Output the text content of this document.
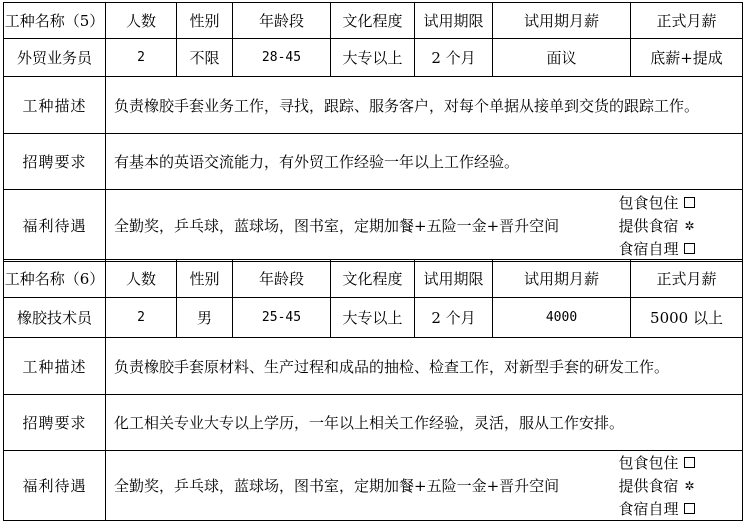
工种名称（5）	人数	性别	年龄段	文化程度	试用期限	试用期月薪		正式月薪
外贸业务员	2	不限	28-45	大专以上	2 个月	面议		底薪+提成
工种描述	负责橡胶手套业务工作，寻找，跟踪、服务客户，对每个单据从接单到交货的跟踪工作。							
招聘要求	有基本的英语交流能力，有外贸工作经验一年以上工作经验。							
福利待遇	全勤奖，乒乓球，蓝球场，图书室，定期加餐+五险一金+晋升空间						包食包住
提供食宿 ✲
食宿自理	
工种名称（6）	人数	性别	年龄段	文化程度	试用期限	试用期月薪		正式月薪
橡胶技术员	2	男	25-45	大专以上	2 个月	4000		5000 以上
工种描述	负责橡胶手套原材料、生产过程和成品的抽检、检查工作，对新型手套的研发工作。							
招聘要求	化工相关专业大专以上学历，一年以上相关工作经验，灵活，服从工作安排。							
福利待遇	全勤奖，乒乓球，蓝球场，图书室，定期加餐+五险一金+晋升空间						包食包住
提供食宿 ✲
食宿自理	
